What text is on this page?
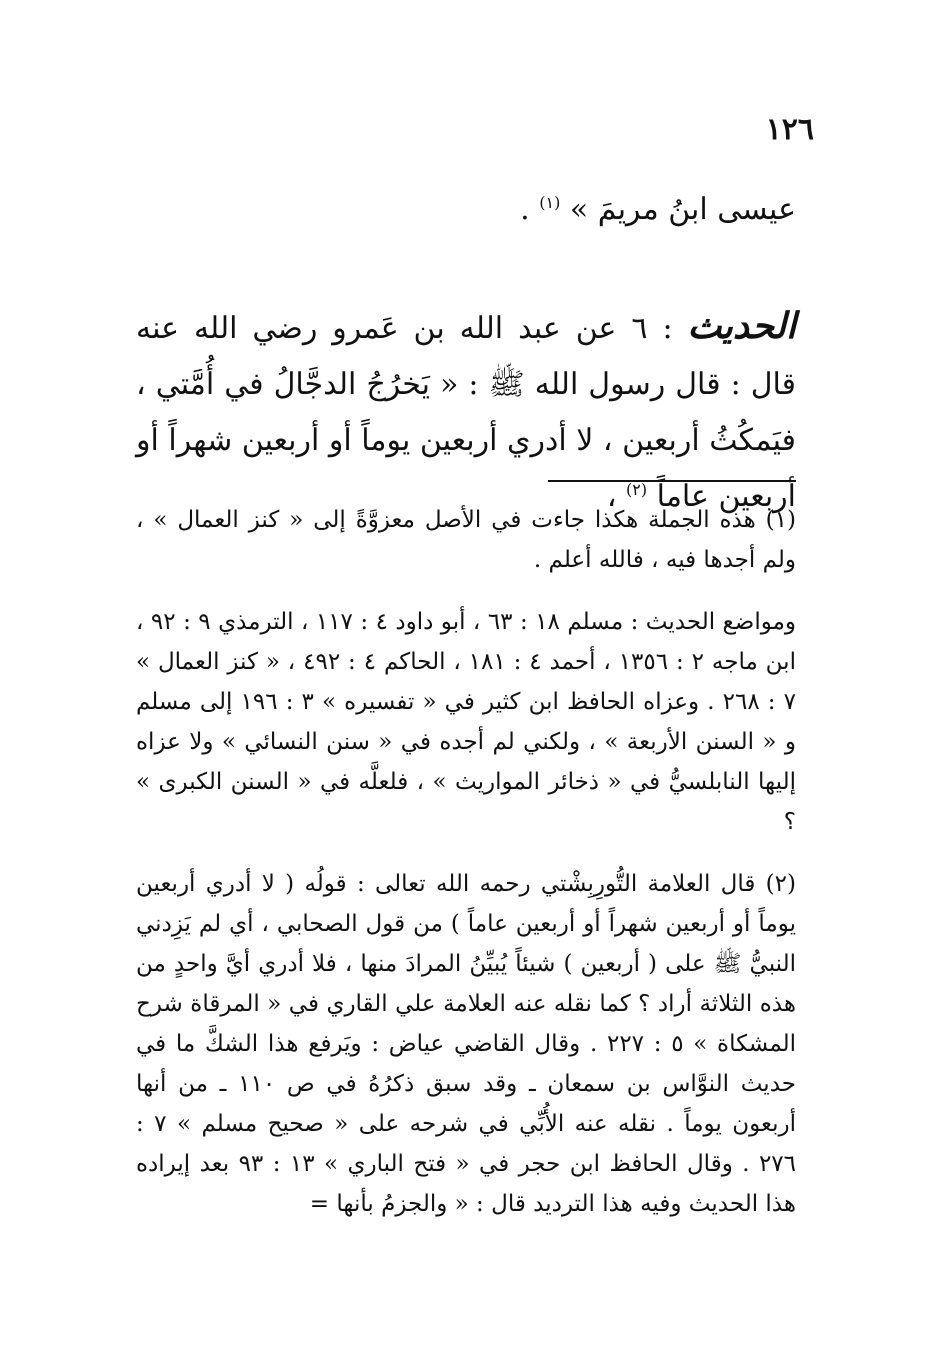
١٢٦

عيسى ابنُ مريمَ » $^{(١)}$ .

الحديث : ٦ عن عبد الله بن عَمرو رضي الله عنه قال : قال رسول الله ﷺ : « يَخرُجُ الدجَّالُ في أُمَّتي ، فيَمكُثُ أربعين ، لا أدري أربعين يوماً أو أربعين شهراً أو أربعين عاماً $^{(٢)}$ ،

(١) هذه الجملة هكذا جاءت في الأصل معزوَّةً إلى « كنز العمال » ، ولم أجدها فيه ، فالله أعلم .

ومواضع الحديث : مسلم ١٨ : ٦٣ ، أبو داود ٤ : ١١٧ ، الترمذي ٩ : ٩٢ ، ابن ماجه ٢ : ١٣٥٦ ، أحمد ٤ : ١٨١ ، الحاكم ٤ : ٤٩٢ ، « كنز العمال » ٧ : ٢٦٨ . وعزاه الحافظ ابن كثير في « تفسيره » ٣ : ١٩٦ إلى مسلم و « السنن الأربعة » ، ولكني لم أجده في « سنن النسائي » ولا عزاه إليها النابلسيُّ في « ذخائر المواريث » ، فلعلَّه في « السنن الكبرى » ؟

(٢) قال العلامة التُّورِبِشْتي رحمه الله تعالى : قولُه ( لا أدري أربعين يوماً أو أربعين شهراً أو أربعين عاماً ) من قول الصحابي ، أي لم يَزِدني النبيُّ ﷺ على ( أربعين ) شيئاً يُبيِّنُ المرادَ منها ، فلا أدري أيَّ واحدٍ من هذه الثلاثة أراد ؟ كما نقله عنه العلامة علي القاري في « المرقاة شرح المشكاة » ٥ : ٢٢٧ . وقال القاضي عياض : ويَرفع هذا الشكَّ ما في حديث النوَّاس بن سمعان ـ وقد سبق ذكرُهُ في ص ١١٠ ـ من أنها أربعون يوماً . نقله عنه الأُبِّي في شرحه على « صحيح مسلم » ٧ : ٢٧٦ . وقال الحافظ ابن حجر في « فتح الباري » ١٣ : ٩٣ بعد إيراده هذا الحديث وفيه هذا الترديد قال : « والجزمُ بأنها =
